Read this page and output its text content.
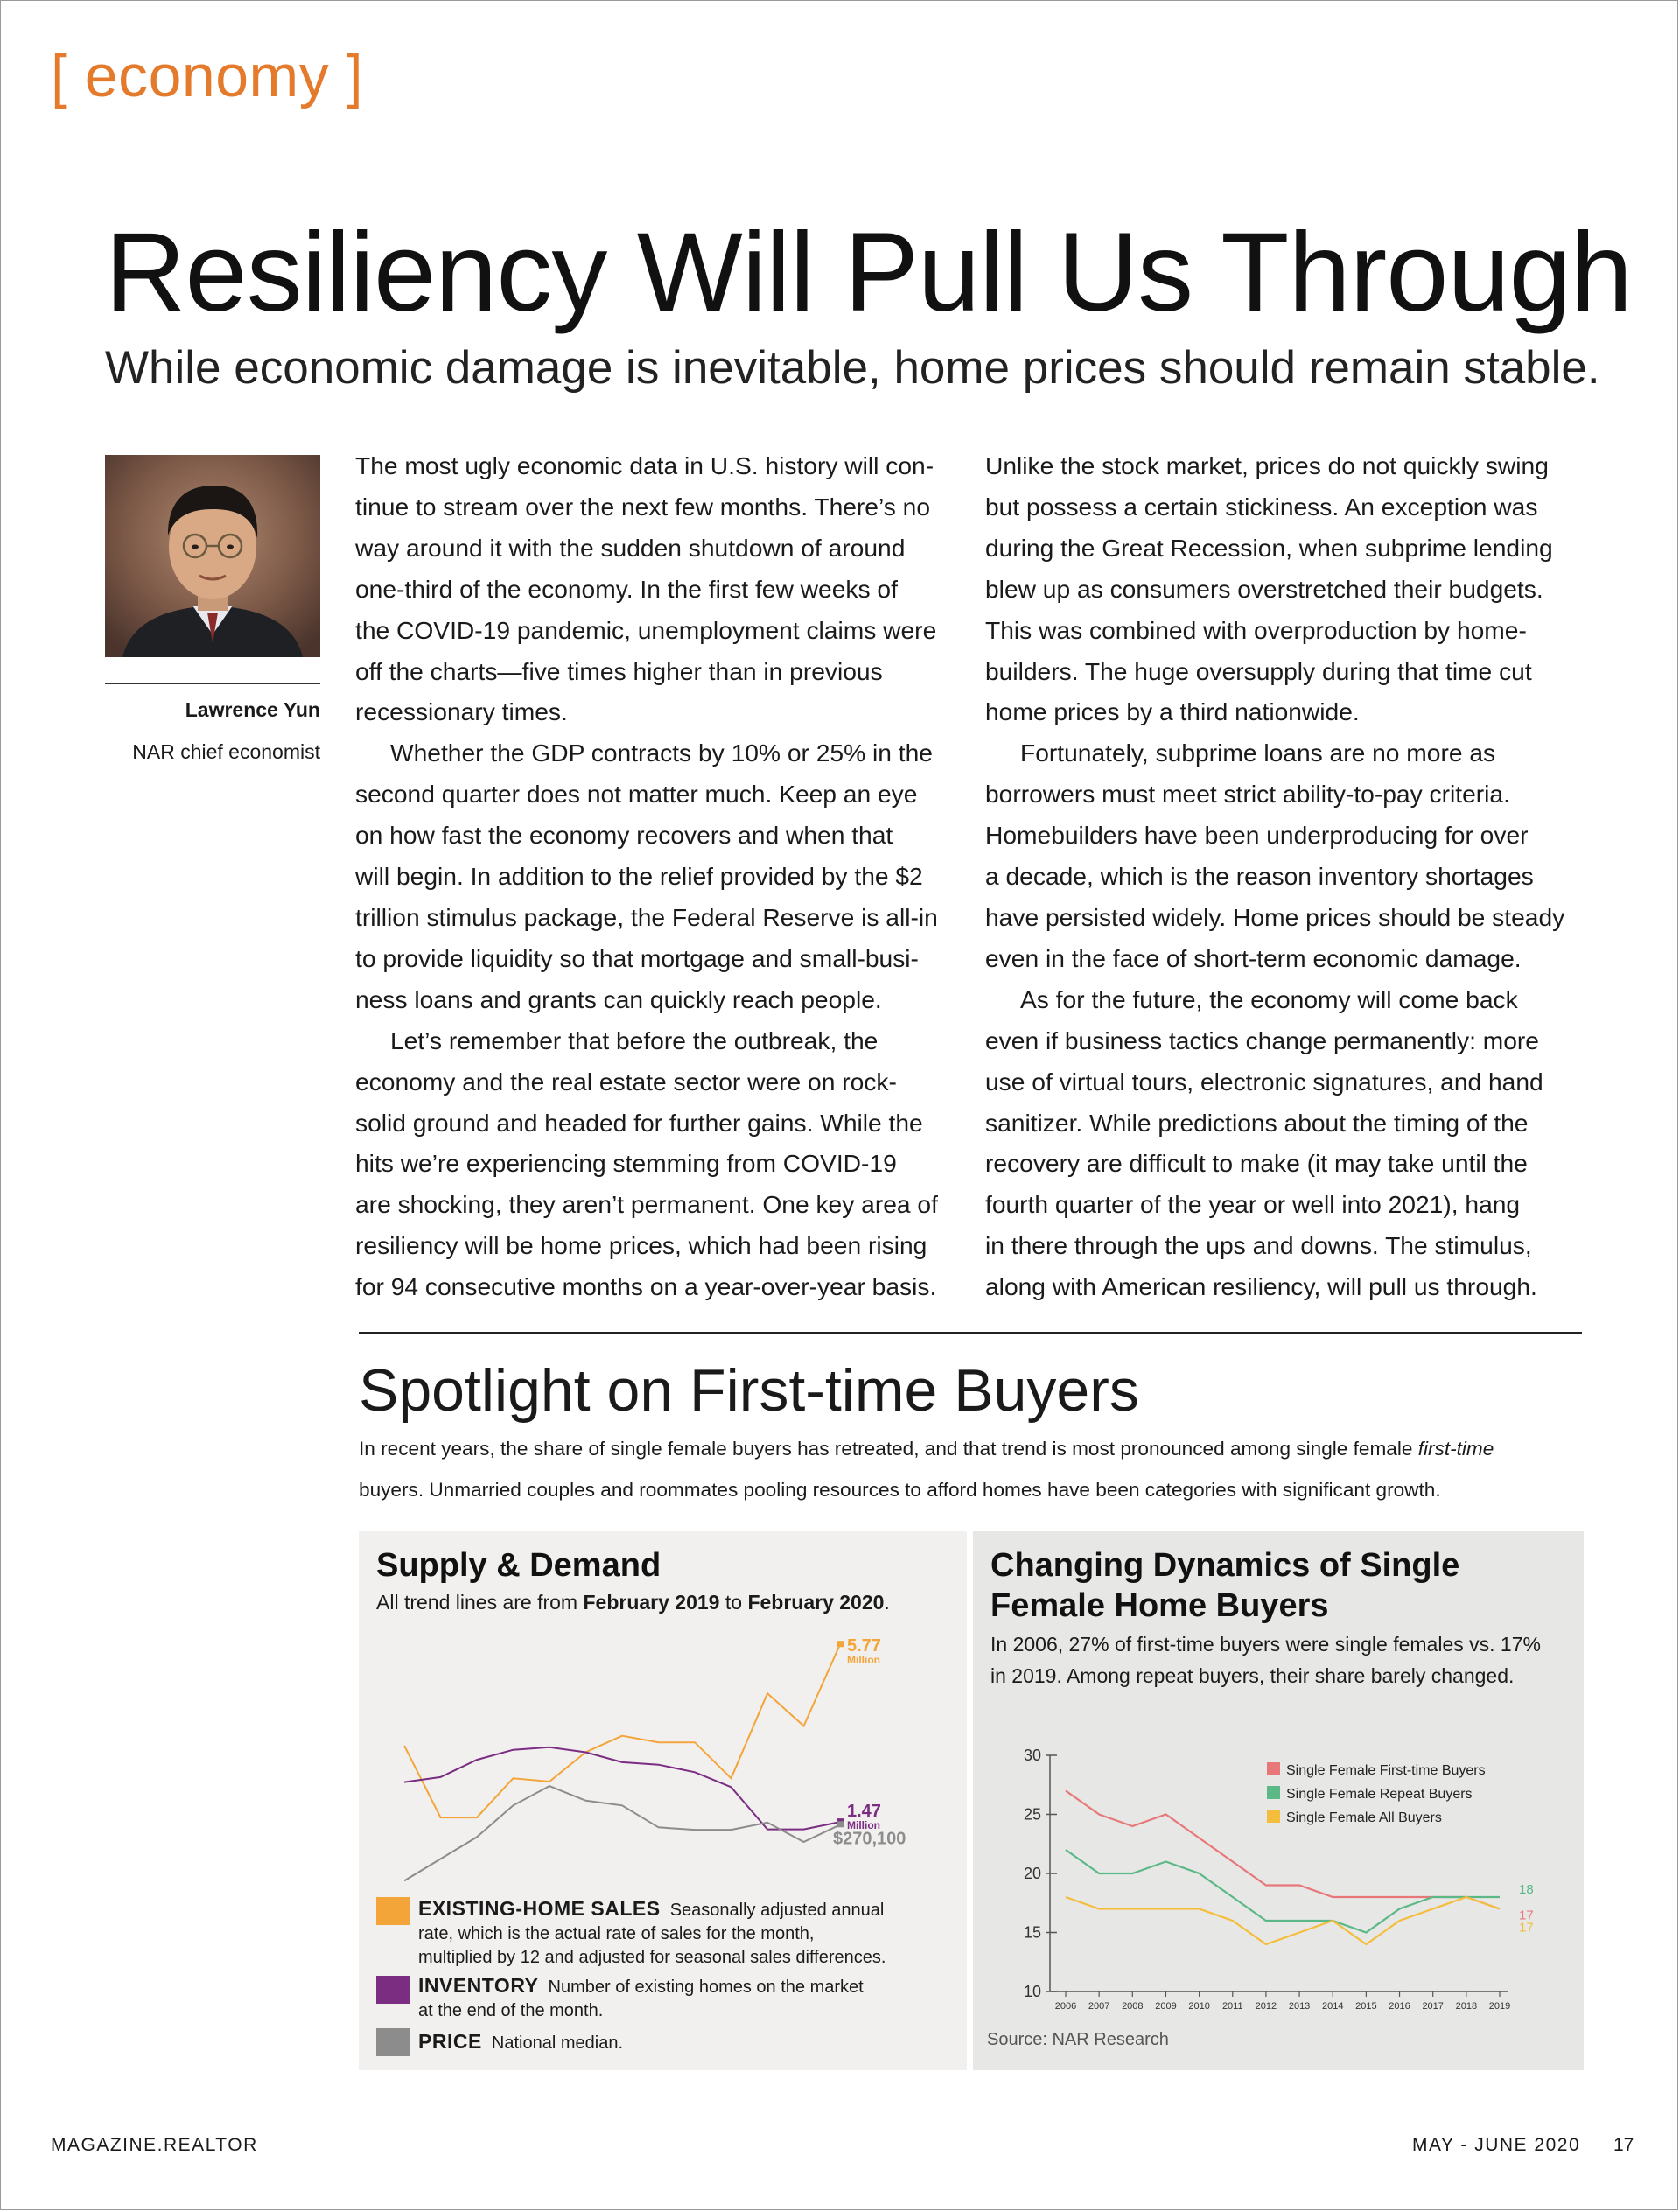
[ economy ]
Resiliency Will Pull Us Through
While economic damage is inevitable, home prices should remain stable.
Lawrence Yun
NAR chief economist

The most ugly economic data in U.S. history will con-

tinue to stream over the next few months. There’s no

way around it with the sudden shutdown of around

one-third of the economy. In the first few weeks of

the COVID-19 pandemic, unemployment claims were

off the charts—five times higher than in previous

recessionary times.

Whether the GDP contracts by 10% or 25% in the

second quarter does not matter much. Keep an eye

on how fast the economy recovers and when that

will begin. In addition to the relief provided by the $2

trillion stimulus package, the Federal Reserve is all-in

to provide liquidity so that mortgage and small-busi-

ness loans and grants can quickly reach people.

Let’s remember that before the outbreak, the

economy and the real estate sector were on rock-

solid ground and headed for further gains. While the

hits we’re experiencing stemming from COVID-19

are shocking, they aren’t permanent. One key area of

resiliency will be home prices, which had been rising

for 94 consecutive months on a year-over-year basis.

Unlike the stock market, prices do not quickly swing

but possess a certain stickiness. An exception was

during the Great Recession, when subprime lending

blew up as consumers overstretched their budgets.

This was combined with overproduction by home-

builders. The huge oversupply during that time cut

home prices by a third nationwide.

Fortunately, subprime loans are no more as

borrowers must meet strict ability-to-pay criteria.

Homebuilders have been underproducing for over

a decade, which is the reason inventory shortages

have persisted widely. Home prices should be steady

even in the face of short-term economic damage.

As for the future, the economy will come back

even if business tactics change permanently: more

use of virtual tours, electronic signatures, and hand

sanitizer. While predictions about the timing of the

recovery are difficult to make (it may take until the

fourth quarter of the year or well into 2021), hang

in there through the ups and downs. The stimulus,

along with American resiliency, will pull us through.

Spotlight on First-time Buyers

In recent years, the share of single female buyers has retreated, and that trend is most pronounced among single female first-time

buyers. Unmarried couples and roommates pooling resources to afford homes have been categories with significant growth.

Supply & Demand
All trend lines are from February 2019 to February 2020.
5.77
Million
1.47
Million
$270,100
EXISTING-HOME SALES Seasonally adjusted annual
rate, which is the actual rate of sales for the month,
multiplied by 12 and adjusted for seasonal sales differences.
INVENTORY Number of existing homes on the market
at the end of the month.
PRICE National median.
Changing Dynamics of Single
Female Home Buyers
In 2006, 27% of first-time buyers were single females vs. 17%
in 2019. Among repeat buyers, their share barely changed.
10
15
20
25
30
2006 2007 2008 2009 2010 2011 2012 2013 2014 2015 2016 2017 2018 2019
Single Female First-time Buyers
Single Female Repeat Buyers
Single Female All Buyers
17
18
17
Source: NAR Research
MAGAZINE.REALTOR	MAY - JUNE 2020 17
